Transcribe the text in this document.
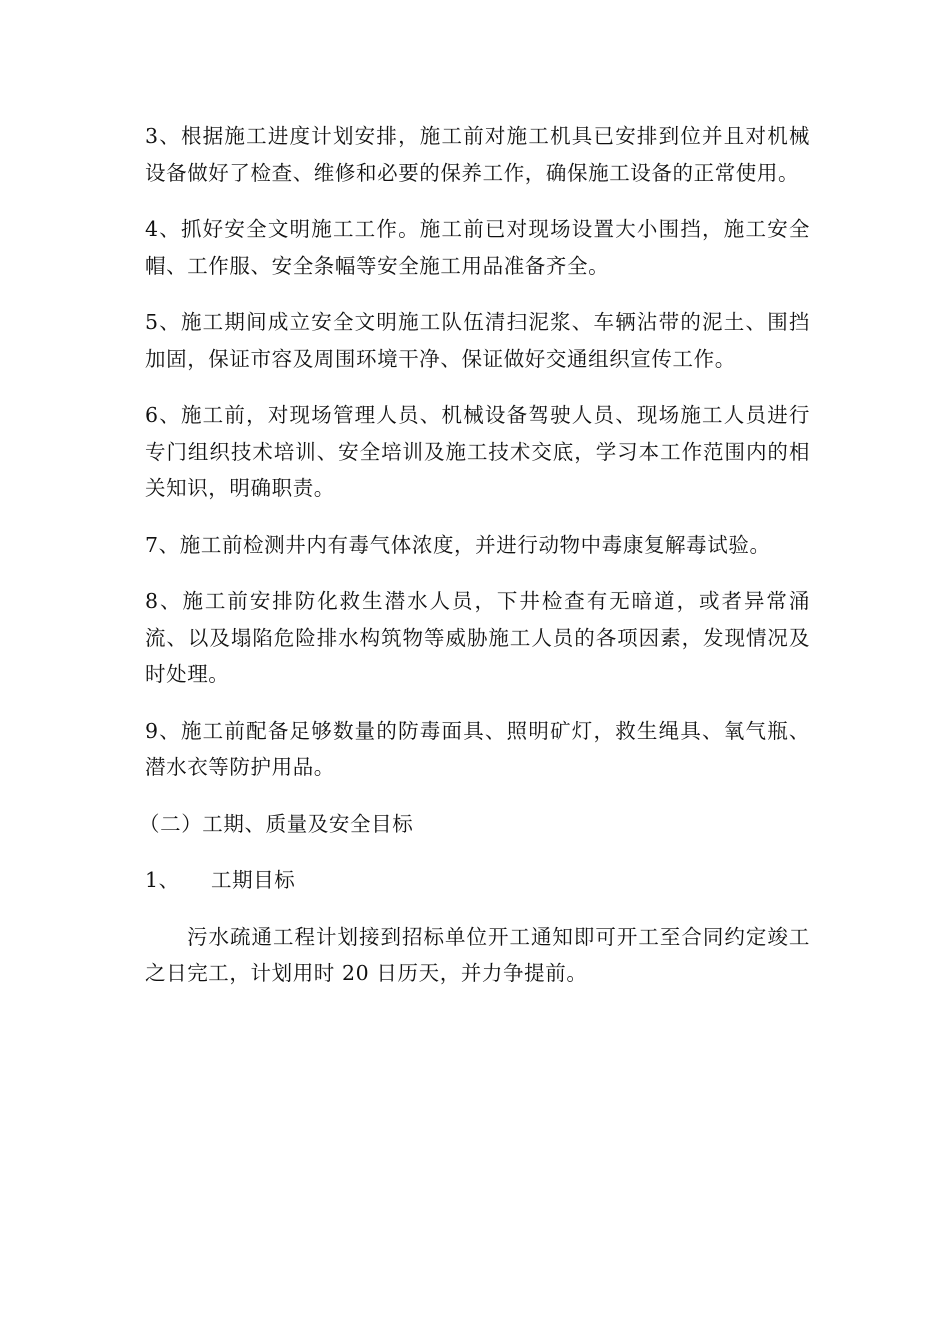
3、根据施工进度计划安排，施工前对施工机具已安排到位并且对机械设备做好了检查、维修和必要的保养工作，确保施工设备的正常使用。

4、抓好安全文明施工工作。施工前已对现场设置大小围挡，施工安全帽、工作服、安全条幅等安全施工用品准备齐全。

5、施工期间成立安全文明施工队伍清扫泥浆、车辆沾带的泥土、围挡加固，保证市容及周围环境干净、保证做好交通组织宣传工作。

6、施工前，对现场管理人员、机械设备驾驶人员、现场施工人员进行专门组织技术培训、安全培训及施工技术交底，学习本工作范围内的相关知识，明确职责。

7、施工前检测井内有毒气体浓度，并进行动物中毒康复解毒试验。

8、施工前安排防化救生潜水人员，下井检查有无暗道，或者异常涌流、以及塌陷危险排水构筑物等威胁施工人员的各项因素，发现情况及时处理。

9、施工前配备足够数量的防毒面具、照明矿灯，救生绳具、氧气瓶、潜水衣等防护用品。

（二）工期、质量及安全目标

1、	工期目标

污水疏通工程计划接到招标单位开工通知即可开工至合同约定竣工之日完工，计划用时 20 日历天，并力争提前。
